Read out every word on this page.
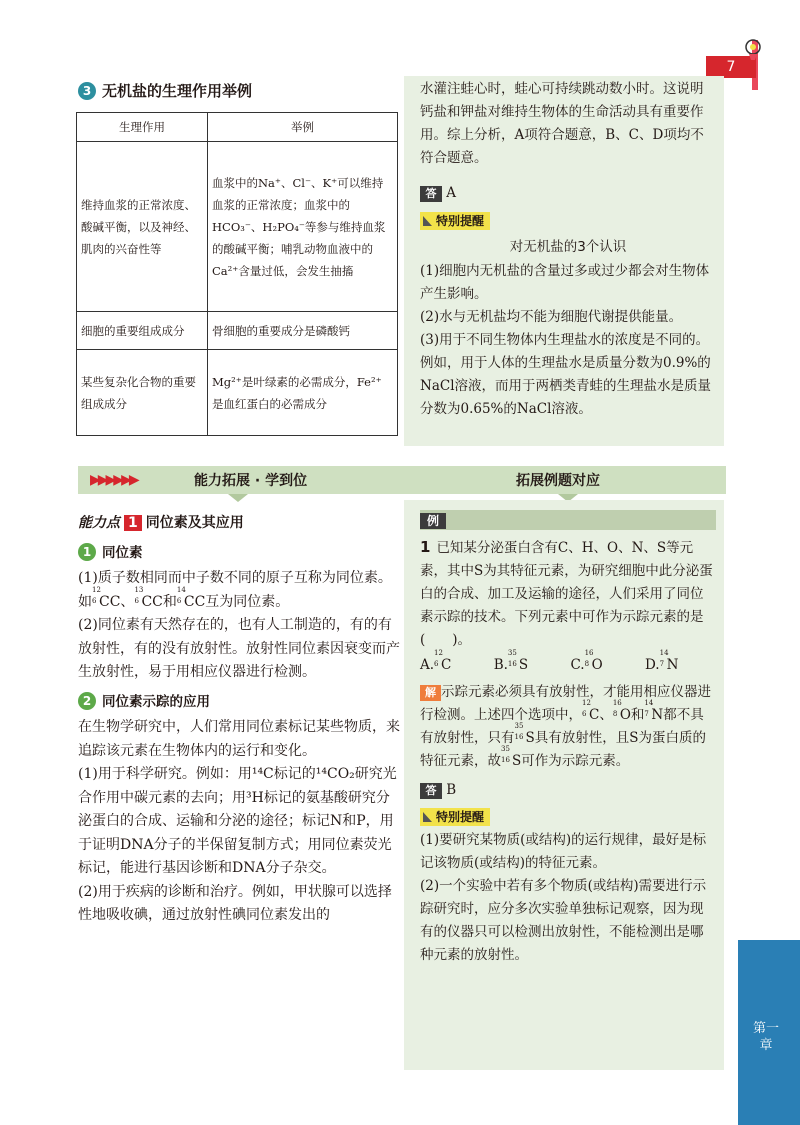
7
3 无机盐的生理作用举例
生理作用	举例
维持血浆的正常浓度、酸碱平衡，以及神经、肌肉的兴奋性等	血浆中的Na⁺、Cl⁻、K⁺可以维持血浆的正常浓度；血浆中的HCO₃⁻、H₂PO₄⁻等参与维持血浆的酸碱平衡；哺乳动物血液中的Ca²⁺含量过低，会发生抽搐
细胞的重要组成成分	骨细胞的重要成分是磷酸钙
某些复杂化合物的重要组成成分	Mg²⁺是叶绿素的必需成分，Fe²⁺是血红蛋白的必需成分
水灌注蛙心时，蛙心可持续跳动数小时。这说明钙盐和钾盐对维持生物体的生命活动具有重要作用。综上分析，A项符合题意，B、C、D项均不符合题意。
答 A
特别提醒
对无机盐的3个认识
(1)细胞内无机盐的含量过多或过少都会对生物体产生影响。
(2)水与无机盐均不能为细胞代谢提供能量。
(3)用于不同生物体内生理盐水的浓度是不同的。例如，用于人体的生理盐水是质量分数为0.9%的NaCl溶液，而用于两栖类青蛙的生理盐水是质量分数为0.65%的NaCl溶液。
▶▶▶▶▶▶	能力拓展 · 学到位	拓展例题对应

能力点 1 同位素及其应用

1 同位素

(1)质子数相同而中子数不同的原子互称为同位素。如
12
6 CC、
13
6 CC和
14
6 CC互为同位素。

(2)同位素有天然存在的，也有人工制造的，有的有放射性，有的没有放射性。放射性同位素因衰变而产生放射性，易于用相应仪器进行检测。

2 同位素示踪的应用

在生物学研究中，人们常用同位素标记某些物质，来追踪该元素在生物体内的运行和变化。

(1)用于科学研究。例如：用¹⁴C标记的¹⁴CO₂研究光合作用中碳元素的去向；用³H标记的氨基酸研究分泌蛋白的合成、运输和分泌的途径；标记N和P，用于证明DNA分子的半保留复制方式；用同位素荧光标记，能进行基因诊断和DNA分子杂交。

(2)用于疾病的诊断和治疗。例如，甲状腺可以选择性地吸收碘，通过放射性碘同位素发出的

例

1 已知某分泌蛋白含有C、H、O、N、S等元素，其中S为其特征元素，为研究细胞中此分泌蛋白的合成、加工及运输的途径，人们采用了同位素示踪的技术。下列元素中可作为示踪元素的是(　　)。

A.
12
6 C	B.
35
16 S	C.
16
8 O	D.
14
7 N

解 示踪元素必须具有放射性，才能用相应仪器进行检测。上述四个选项中，
12
6 C、
16
8 O和
14
7 N都不具有放射性，只有
35
16 S具有放射性，且S为蛋白质的特征元素，故
35
16 S可作为示踪元素。

答 B

特别提醒

(1)要研究某物质(或结构)的运行规律，最好是标记该物质(或结构)的特征元素。

(2)一个实验中若有多个物质(或结构)需要进行示踪研究时，应分多次实验单独标记观察，因为现有的仪器只可以检测出放射性，不能检测出是哪种元素的放射性。

第一章
